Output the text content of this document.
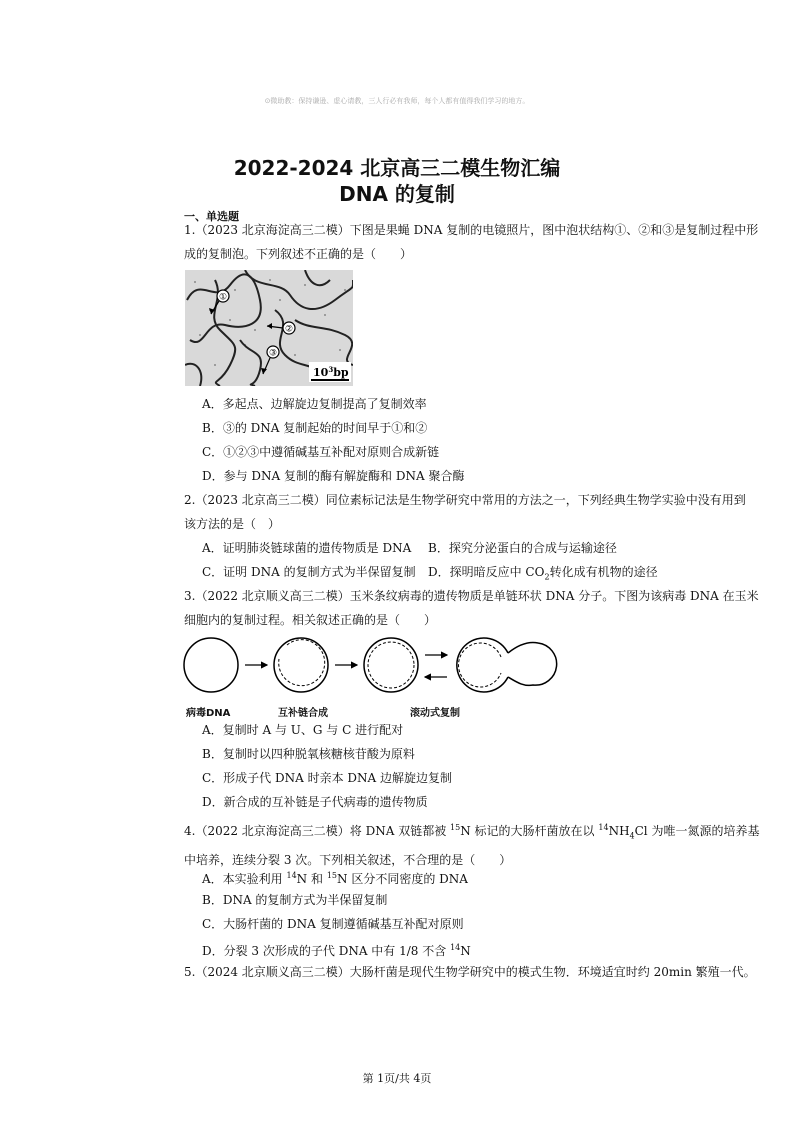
⊙微助教：保持谦逊、虚心请教，三人行必有我师，每个人都有值得我们学习的地方。
2022-2024 北京高三二模生物汇编
DNA 的复制
一、单选题
1.（2023 北京海淀高三二模）下图是果蝇 DNA 复制的电镜照片，图中泡状结构①、②和③是复制过程中形
成的复制泡。下列叙述不正确的是（　　）
①
②
③
$10^3bp$
A．多起点、边解旋边复制提高了复制效率
B．③的 DNA 复制起始的时间早于①和②
C．①②③中遵循碱基互补配对原则合成新链
D．参与 DNA 复制的酶有解旋酶和 DNA 聚合酶
2.（2023 北京高三二模）同位素标记法是生物学研究中常用的方法之一，下列经典生物学实验中没有用到
该方法的是（　）
A．证明肺炎链球菌的遗传物质是 DNA B．探究分泌蛋白的合成与运输途径
C．证明 DNA 的复制方式为半保留复制 D．探明暗反应中 $CO_2$转化成有机物的途径
3.（2022 北京顺义高三二模）玉米条纹病毒的遗传物质是单链环状 DNA 分子。下图为该病毒 DNA 在玉米
细胞内的复制过程。相关叙述正确的是（　　）
病毒DNA	互补链合成	滚动式复制
A．复制时 A 与 U、G 与 C 进行配对
B．复制时以四种脱氧核糖核苷酸为原料
C．形成子代 DNA 时亲本 DNA 边解旋边复制
D．新合成的互补链是子代病毒的遗传物质
4.（2022 北京海淀高三二模）将 DNA 双链都被 $^{15}$N 标记的大肠杆菌放在以 $^{14}NH_4Cl$ 为唯一氮源的培养基
中培养，连续分裂 3 次。下列相关叙述，不合理的是（　　）
A．本实验利用 $^{14}$N 和 $^{15}$N 区分不同密度的 DNA
B．DNA 的复制方式为半保留复制
C．大肠杆菌的 DNA 复制遵循碱基互补配对原则
D．分裂 3 次形成的子代 DNA 中有 1/8 不含 $^{14}$N
5.（2024 北京顺义高三二模）大肠杆菌是现代生物学研究中的模式生物．环境适宜时约 20min 繁殖一代。
第 1页/共 4页
